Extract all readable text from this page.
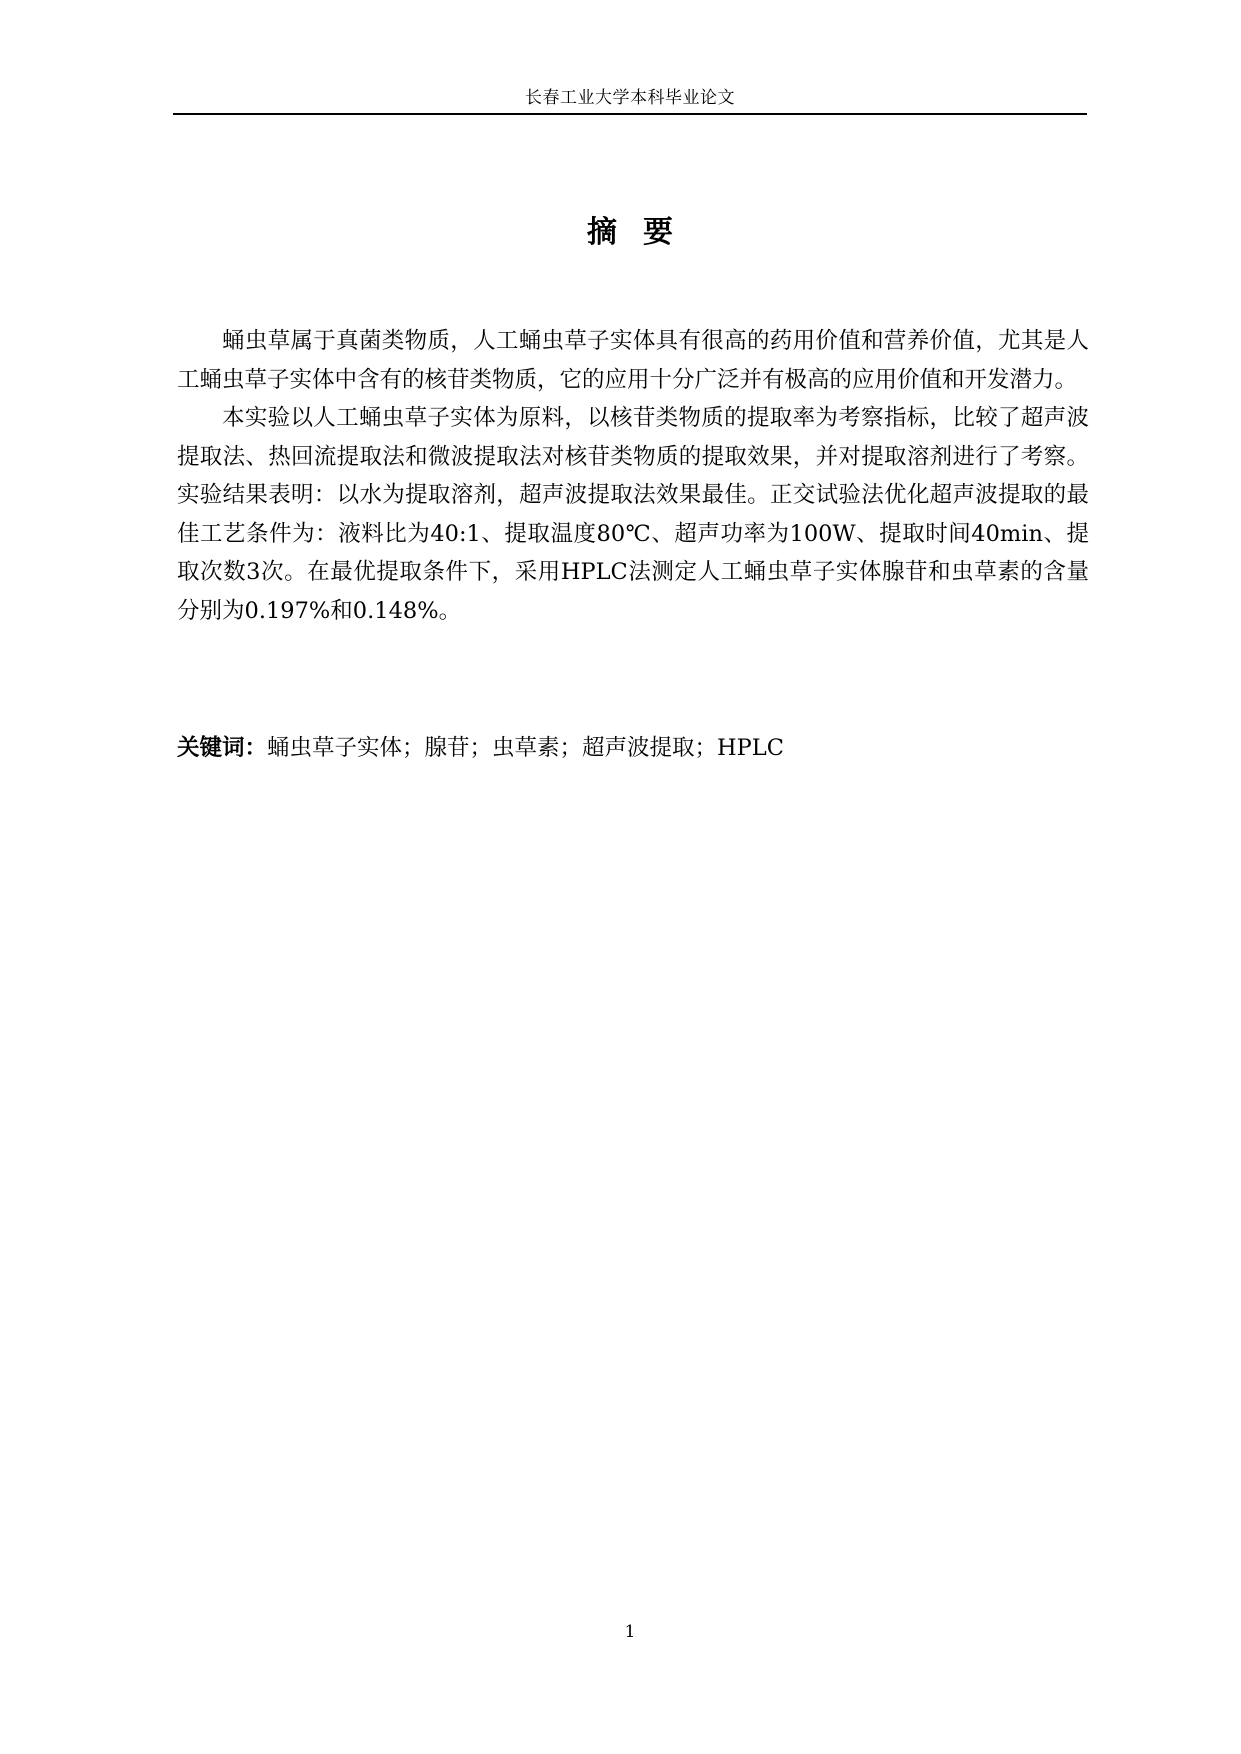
长春工业大学本科毕业论文
摘要

蛹虫草属于真菌类物质，人工蛹虫草子实体具有很高的药用价值和营养价值，尤其是人工蛹虫草子实体中含有的核苷类物质，它的应用十分广泛并有极高的应用价值和开发潜力。

本实验以人工蛹虫草子实体为原料，以核苷类物质的提取率为考察指标，比较了超声波提取法、热回流提取法和微波提取法对核苷类物质的提取效果，并对提取溶剂进行了考察。实验结果表明：以水为提取溶剂，超声波提取法效果最佳。正交试验法优化超声波提取的最佳工艺条件为：液料比为40:1、提取温度80℃、超声功率为100W、提取时间40min、提取次数3次。在最优提取条件下，采用HPLC法测定人工蛹虫草子实体腺苷和虫草素的含量分别为0.197%和0.148%。

关键词：蛹虫草子实体；腺苷；虫草素；超声波提取；HPLC
1
